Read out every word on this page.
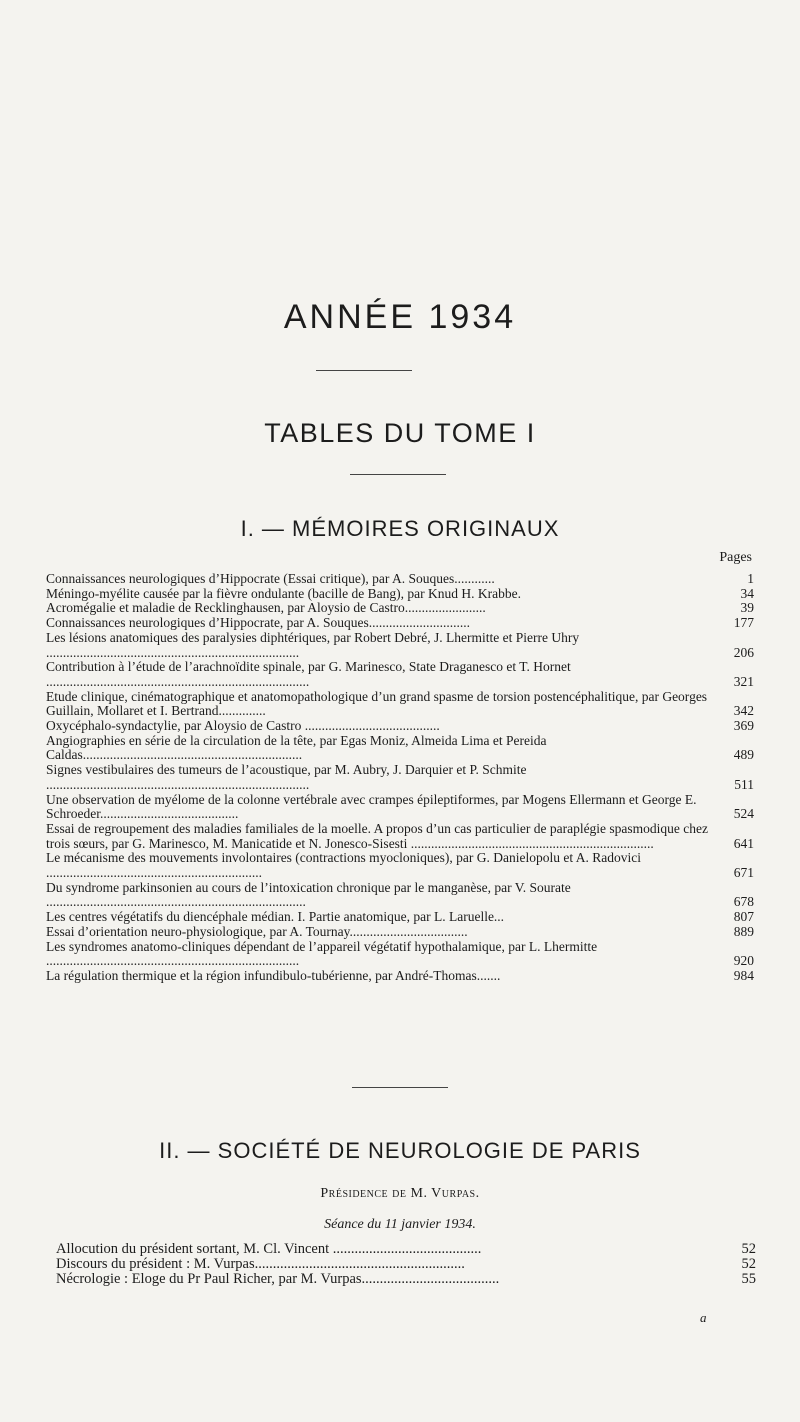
ANNÉE 1934
TABLES DU TOME I
I. — MÉMOIRES ORIGINAUX
Pages
Connaissances neurologiques d’Hippocrate (Essai critique), par A. Souques............	1
Méningo-myélite causée par la fièvre ondulante (bacille de Bang), par Knud H. Krabbe.	34
Acromégalie et maladie de Recklinghausen, par Aloysio de Castro........................	39
Connaissances neurologiques d’Hippocrate, par A. Souques..............................	177
Les lésions anatomiques des paralysies diphtériques, par Robert Debré, J. Lhermitte et Pierre Uhry ...........................................................................	206
Contribution à l’étude de l’arachnoïdite spinale, par G. Marinesco, State Draganesco et T. Hornet ..............................................................................	321
Etude clinique, cinématographique et anatomopathologique d’un grand spasme de torsion postencéphalitique, par Georges Guillain, Mollaret et I. Bertrand..............	342
Oxycéphalo-syndactylie, par Aloysio de Castro ........................................	369
Angiographies en série de la circulation de la tête, par Egas Moniz, Almeida Lima et Pereida Caldas.................................................................	489
Signes vestibulaires des tumeurs de l’acoustique, par M. Aubry, J. Darquier et P. Schmite ..............................................................................	511
Une observation de myélome de la colonne vertébrale avec crampes épileptiformes, par Mogens Ellermann et George E. Schroeder.........................................	524
Essai de regroupement des maladies familiales de la moelle. A propos d’un cas particulier de paraplégie spasmodique chez trois sœurs, par G. Marinesco, M. Manicatide et N. Jonesco-Sisesti ........................................................................	641
Le mécanisme des mouvements involontaires (contractions myocloniques), par G. Danielopolu et A. Radovici ................................................................	671
Du syndrome parkinsonien au cours de l’intoxication chronique par le manganèse, par V. Sourate .............................................................................	678
Les centres végétatifs du diencéphale médian. I. Partie anatomique, par L. Laruelle...	807
Essai d’orientation neuro-physiologique, par A. Tournay...................................	889
Les syndromes anatomo-cliniques dépendant de l’appareil végétatif hypothalamique, par L. Lhermitte ...........................................................................	920
La régulation thermique et la région infundibulo-tubérienne, par André-Thomas.......	984
II. — SOCIÉTÉ DE NEUROLOGIE DE PARIS
Présidence de M. Vurpas.
Séance du 11 janvier 1934.
Allocution du président sortant, M. Cl. Vincent .........................................	52
Discours du président : M. Vurpas..........................................................	52
Nécrologie : Eloge du Pr Paul Richer, par M. Vurpas......................................	55
a
